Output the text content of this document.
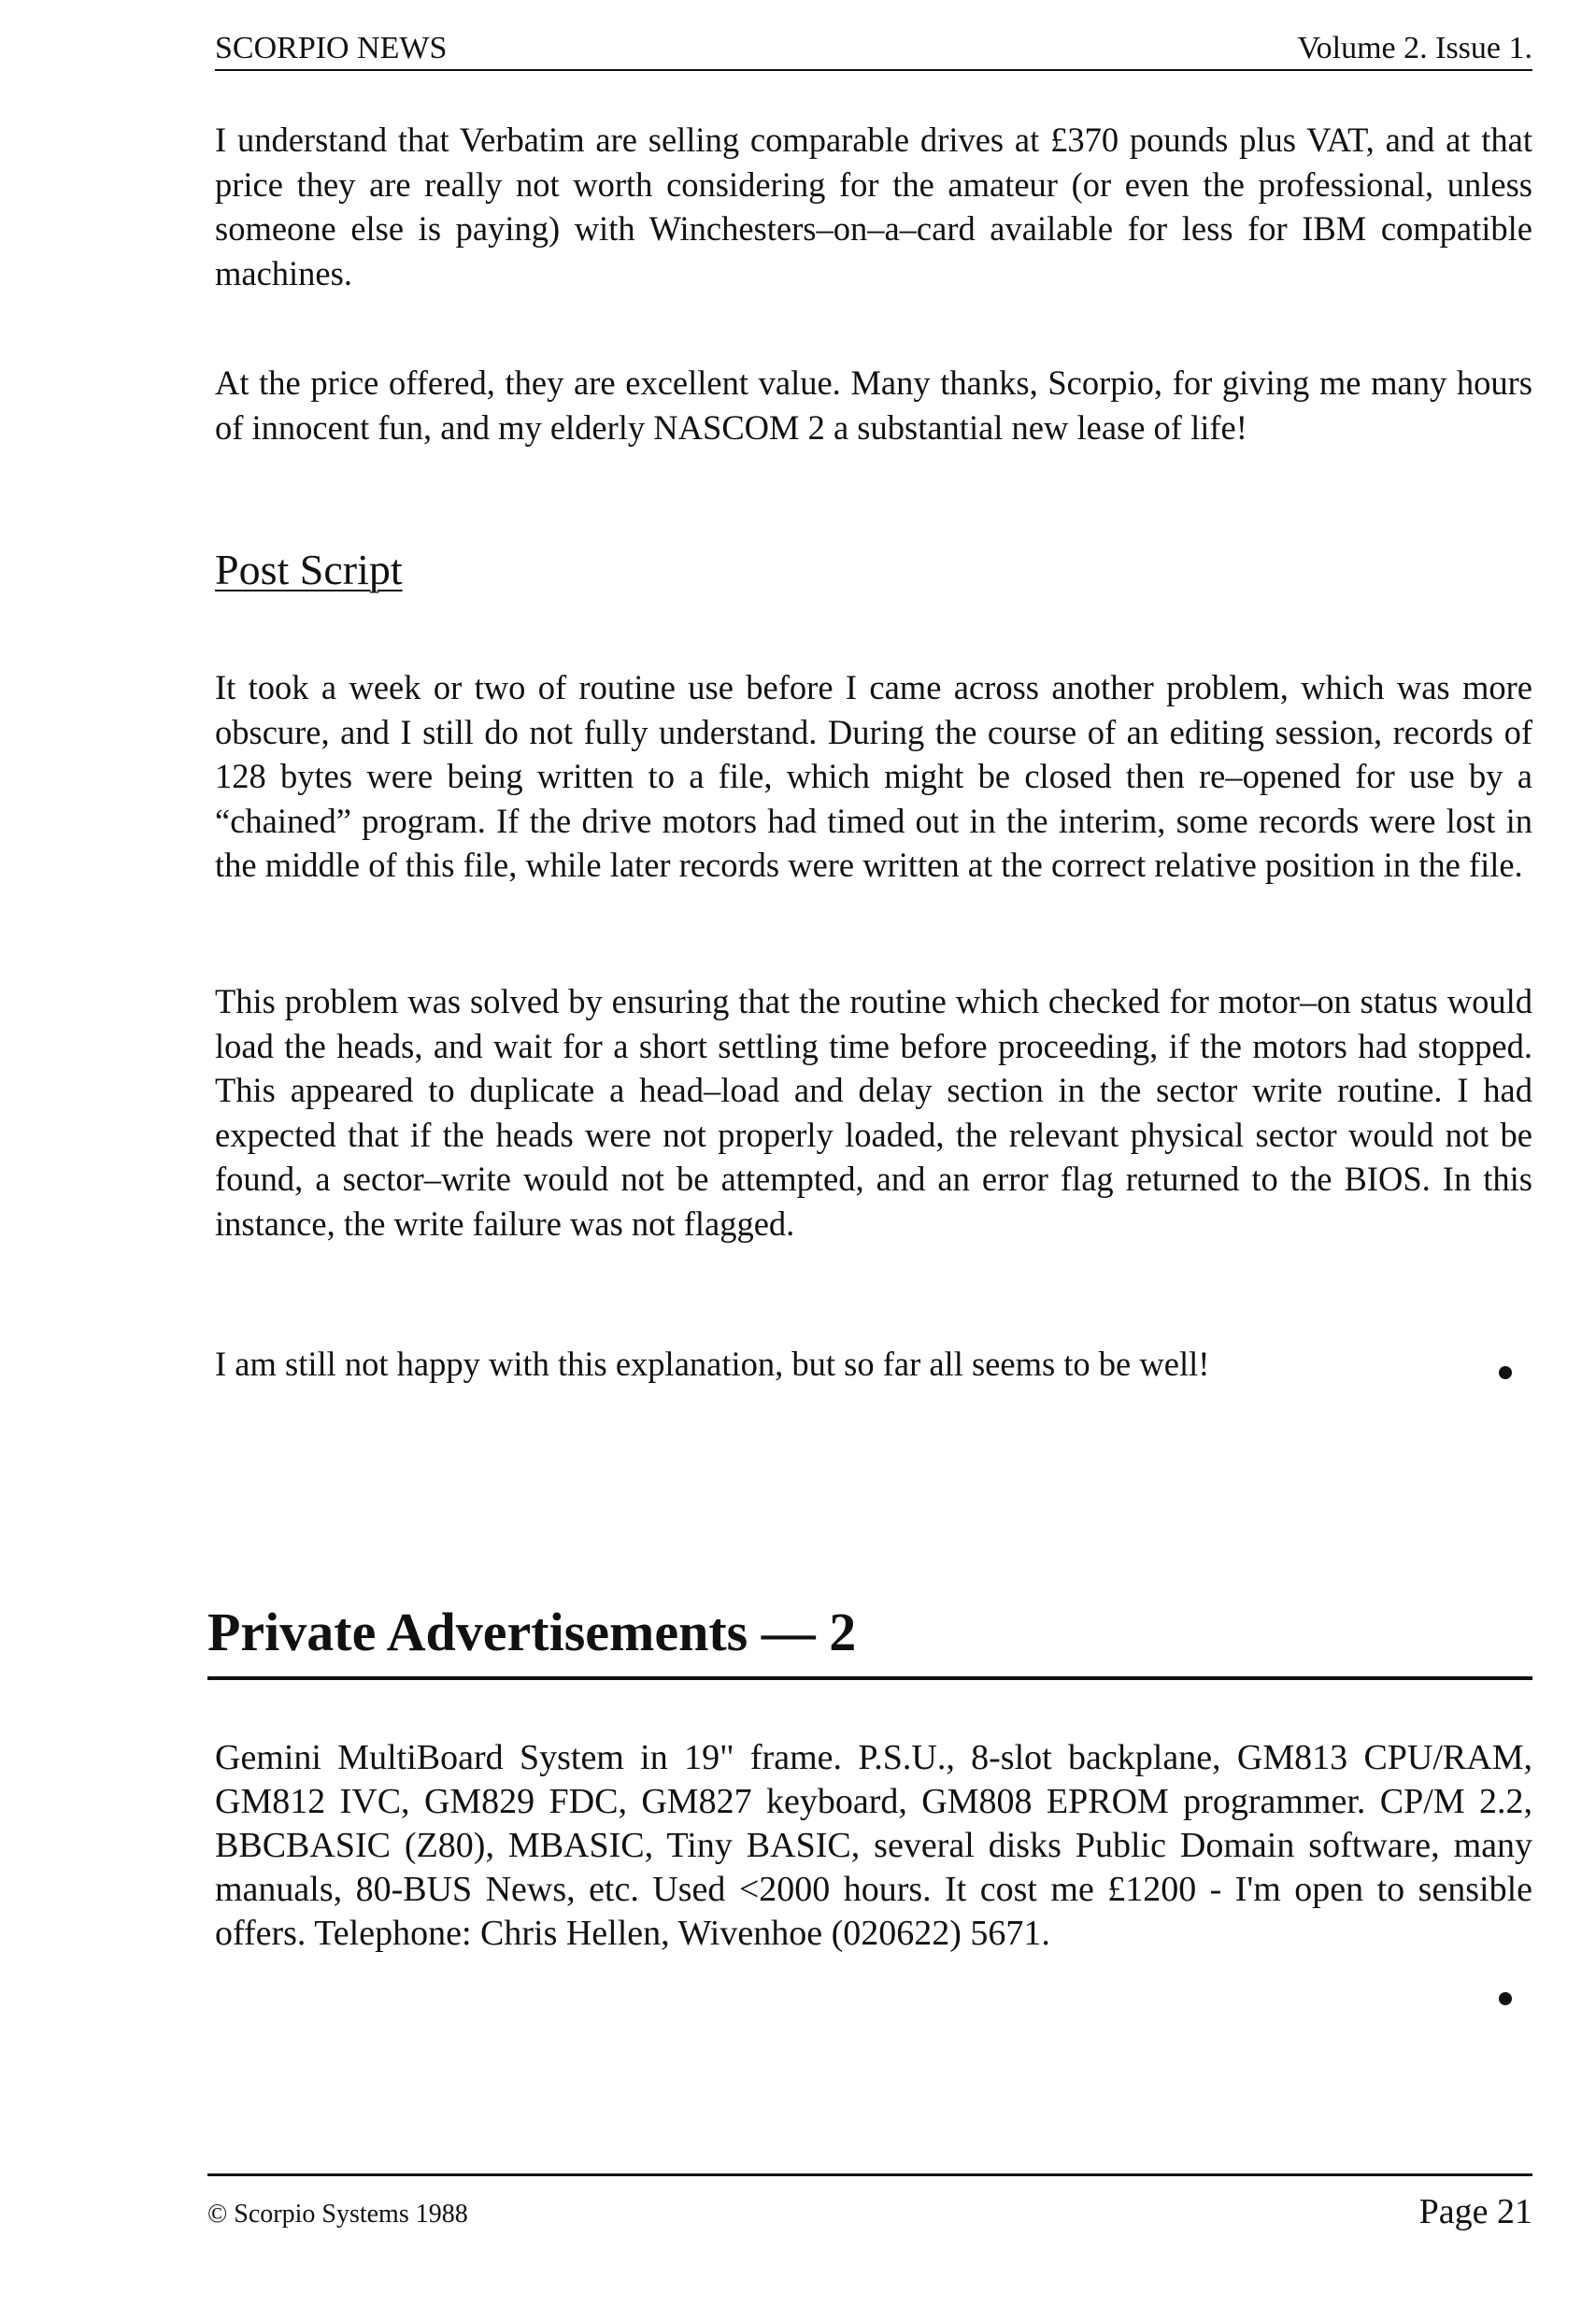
SCORPIO NEWS	Volume 2. Issue 1.

I understand that Verbatim are selling comparable drives at £370 pounds plus VAT, and at that price they are really not worth considering for the amateur (or even the professional, unless someone else is paying) with Winchesters–on–a–card available for less for IBM compatible machines.

At the price offered, they are excellent value. Many thanks, Scorpio, for giving me many hours of innocent fun, and my elderly NASCOM 2 a substantial new lease of life!

Post Script

It took a week or two of routine use before I came across another problem, which was more obscure, and I still do not fully understand. During the course of an editing session, records of 128 bytes were being written to a file, which might be closed then re–opened for use by a “chained” program. If the drive motors had timed out in the interim, some records were lost in the middle of this file, while later records were written at the correct relative position in the file.

This problem was solved by ensuring that the routine which checked for motor–on status would load the heads, and wait for a short settling time before proceeding, if the motors had stopped. This appeared to duplicate a head–load and delay section in the sector write routine. I had expected that if the heads were not properly loaded, the relevant physical sector would not be found, a sector–write would not be attempted, and an error flag returned to the BIOS. In this instance, the write failure was not flagged.

I am still not happy with this explanation, but so far all seems to be well!

Private Advertisements — 2

Gemini MultiBoard System in 19" frame. P.S.U., 8-slot backplane, GM813 CPU/RAM, GM812 IVC, GM829 FDC, GM827 keyboard, GM808 EPROM programmer. CP/M 2.2, BBCBASIC (Z80), MBASIC, Tiny BASIC, several disks Public Domain software, many manuals, 80-BUS News, etc. Used <2000 hours. It cost me £1200 - I'm open to sensible offers. Telephone: Chris Hellen, Wivenhoe (020622) 5671.

© Scorpio Systems 1988	Page 21
